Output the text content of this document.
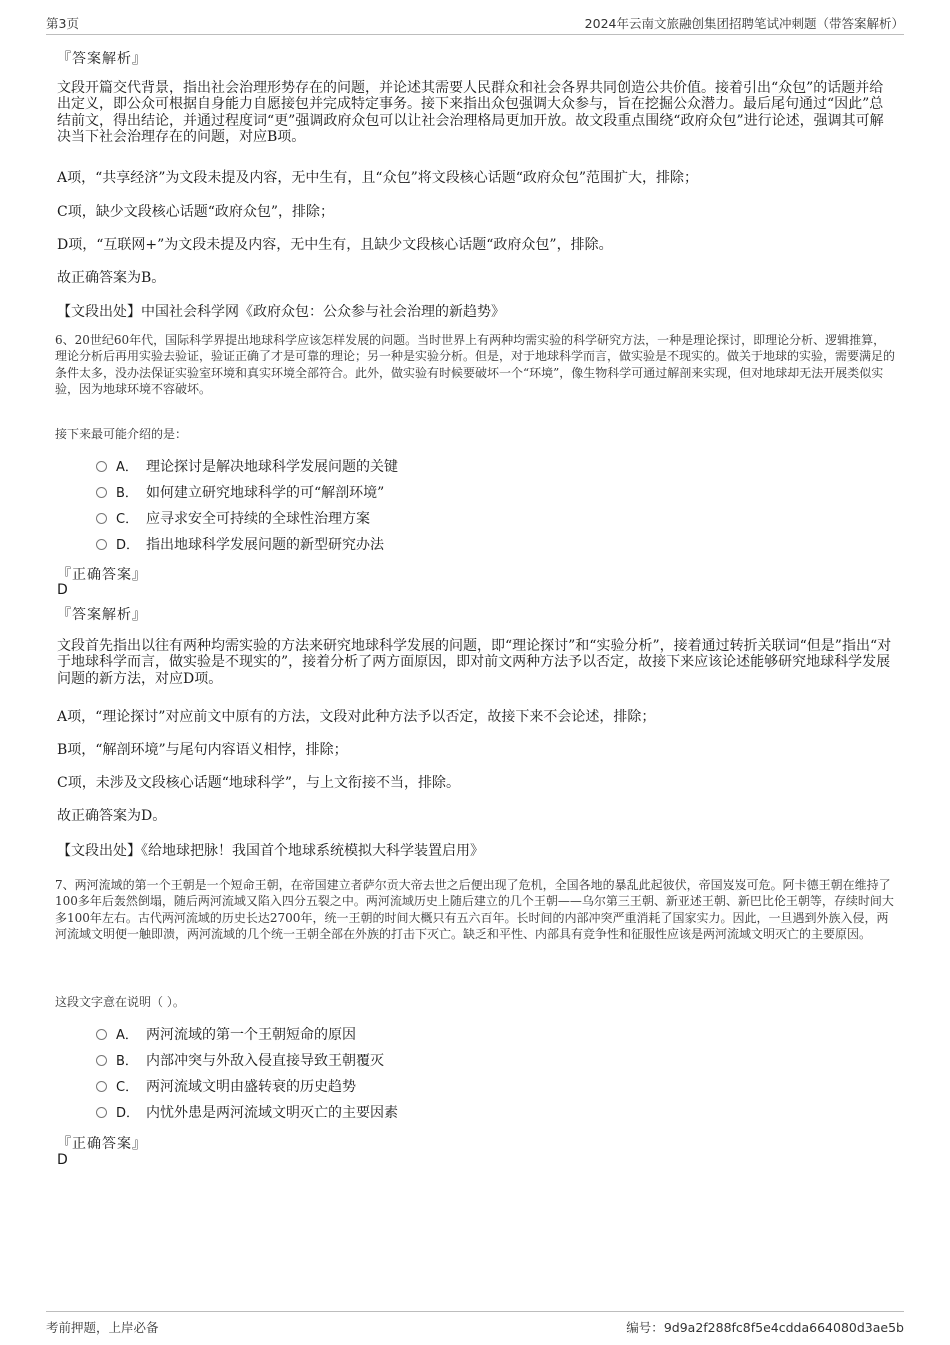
第3页	2024年云南文旅融创集团招聘笔试冲刺题（带答案解析）
『答案解析』
文段开篇交代背景，指出社会治理形势存在的问题，并论述其需要人民群众和社会各界共同创造公共价值。接着引出“众包”的话题并给出定义，即公众可根据自身能力自愿接包并完成特定事务。接下来指出众包强调大众参与，旨在挖掘公众潜力。最后尾句通过“因此”总结前文，得出结论，并通过程度词“更”强调政府众包可以让社会治理格局更加开放。故文段重点围绕“政府众包”进行论述，强调其可解决当下社会治理存在的问题，对应B项。
A项，“共享经济”为文段未提及内容，无中生有，且“众包”将文段核心话题“政府众包”范围扩大，排除；
C项，缺少文段核心话题“政府众包”，排除；
D项，“互联网+”为文段未提及内容，无中生有，且缺少文段核心话题“政府众包”，排除。
故正确答案为B。
【文段出处】中国社会科学网《政府众包：公众参与社会治理的新趋势》
6、20世纪60年代，国际科学界提出地球科学应该怎样发展的问题。当时世界上有两种均需实验的科学研究方法，一种是理论探讨，即理论分析、逻辑推算，理论分析后再用实验去验证，验证正确了才是可靠的理论；另一种是实验分析。但是，对于地球科学而言，做实验是不现实的。做关于地球的实验，需要满足的条件太多，没办法保证实验室环境和真实环境全部符合。此外，做实验有时候要破坏一个“环境”，像生物科学可通过解剖来实现，但对地球却无法开展类似实验，因为地球环境不容破坏。
接下来最可能介绍的是：
A． 理论探讨是解决地球科学发展问题的关键
B． 如何建立研究地球科学的可“解剖环境”
C． 应寻求安全可持续的全球性治理方案
D． 指出地球科学发展问题的新型研究办法
『正确答案』
D
『答案解析』
文段首先指出以往有两种均需实验的方法来研究地球科学发展的问题，即“理论探讨”和“实验分析”，接着通过转折关联词“但是”指出“对于地球科学而言，做实验是不现实的”，接着分析了两方面原因，即对前文两种方法予以否定，故接下来应该论述能够研究地球科学发展问题的新方法，对应D项。
A项，“理论探讨”对应前文中原有的方法，文段对此种方法予以否定，故接下来不会论述，排除；
B项，“解剖环境”与尾句内容语义相悖，排除；
C项，未涉及文段核心话题“地球科学”，与上文衔接不当，排除。
故正确答案为D。
【文段出处】《给地球把脉！我国首个地球系统模拟大科学装置启用》
7、两河流域的第一个王朝是一个短命王朝，在帝国建立者萨尔贡大帝去世之后便出现了危机，全国各地的暴乱此起彼伏，帝国岌岌可危。阿卡德王朝在维持了100多年后轰然倒塌，随后两河流域又陷入四分五裂之中。两河流域历史上随后建立的几个王朝——乌尔第三王朝、新亚述王朝、新巴比伦王朝等，存续时间大多100年左右。古代两河流域的历史长达2700年，统一王朝的时间大概只有五六百年。长时间的内部冲突严重消耗了国家实力。因此，一旦遇到外族入侵，两河流域文明便一触即溃，两河流域的几个统一王朝全部在外族的打击下灭亡。缺乏和平性、内部具有竞争性和征服性应该是两河流域文明灭亡的主要原因。
这段文字意在说明（ ）。
A． 两河流域的第一个王朝短命的原因
B． 内部冲突与外敌入侵直接导致王朝覆灭
C． 两河流域文明由盛转衰的历史趋势
D． 内忧外患是两河流域文明灭亡的主要因素
『正确答案』
D
考前押题，上岸必备	编号：9d9a2f288fc8f5e4cdda664080d3ae5b
